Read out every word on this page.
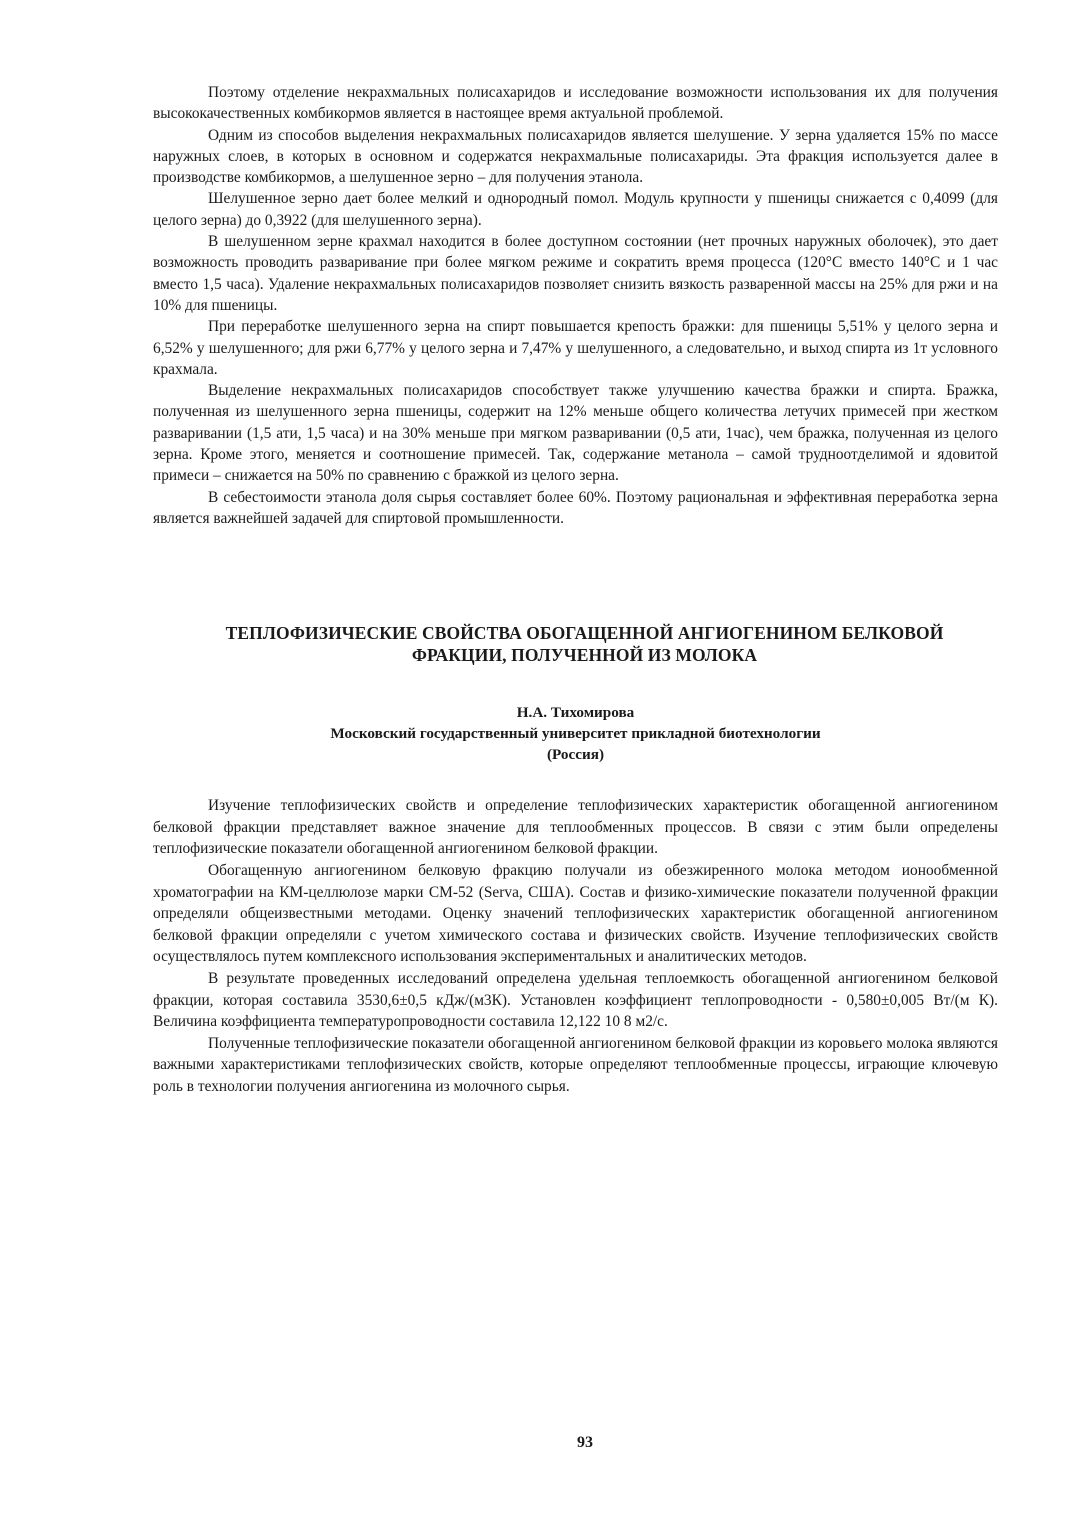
Поэтому отделение некрахмальных полисахаридов и исследование возможности использования их для получения высококачественных комбикормов является в настоящее время актуальной проблемой.

Одним из способов выделения некрахмальных полисахаридов является шелушение. У зерна удаляется 15% по массе наружных слоев, в которых в основном и содержатся некрахмальные полисахариды. Эта фракция используется далее в производстве комбикормов, а шелушенное зерно – для получения этанола.

Шелушенное зерно дает более мелкий и однородный помол. Модуль крупности у пшеницы снижается с 0,4099 (для целого зерна) до 0,3922 (для шелушенного зерна).

В шелушенном зерне крахмал находится в более доступном состоянии (нет прочных наружных оболочек), это дает возможность проводить разваривание при более мягком режиме и сократить время процесса (120°С вместо 140°С и 1 час вместо 1,5 часа). Удаление некрахмальных полисахаридов позволяет снизить вязкость разваренной массы на 25% для ржи и на 10% для пшеницы.

При переработке шелушенного зерна на спирт повышается крепость бражки: для пшеницы 5,51% у целого зерна и 6,52% у шелушенного; для ржи 6,77% у целого зерна и 7,47% у шелушенного, а следовательно, и выход спирта из 1т условного крахмала.

Выделение некрахмальных полисахаридов способствует также улучшению качества бражки и спирта. Бражка, полученная из шелушенного зерна пшеницы, содержит на 12% меньше общего количества летучих примесей при жестком разваривании (1,5 ати, 1,5 часа) и на 30% меньше при мягком разваривании (0,5 ати, 1час), чем бражка, полученная из целого зерна. Кроме этого, меняется и соотношение примесей. Так, содержание метанола – самой трудноотделимой и ядовитой примеси – снижается на 50% по сравнению с бражкой из целого зерна.

В себестоимости этанола доля сырья составляет более 60%. Поэтому рациональная и эффективная переработка зерна является важнейшей задачей для спиртовой промышленности.

ТЕПЛОФИЗИЧЕСКИЕ СВОЙСТВА ОБОГАЩЕННОЙ АНГИОГЕНИНОМ БЕЛКОВОЙ
ФРАКЦИИ, ПОЛУЧЕННОЙ ИЗ МОЛОКА
Н.А. Тихомирова
Московский государственный университет прикладной биотехнологии
(Россия)

Изучение теплофизических свойств и определение теплофизических характеристик обогащенной ангиогенином белковой фракции представляет важное значение для теплообменных процессов. В связи с этим были определены теплофизические показатели обогащенной ангиогенином белковой фракции.

Обогащенную ангиогенином белковую фракцию получали из обезжиренного молока методом ионообменной хроматографии на КМ-целлюлозе марки СМ-52 (Serva, США). Состав и физико-химические показатели полученной фракции определяли общеизвестными методами. Оценку значений теплофизических характеристик обогащенной ангиогенином белковой фракции определяли с учетом химического состава и физических свойств. Изучение теплофизических свойств осуществлялось путем комплексного использования экспериментальных и аналитических методов.

В результате проведенных исследований определена удельная теплоемкость обогащенной ангиогенином белковой фракции, которая составила 3530,6±0,5 кДж/(м3К). Установлен коэффициент теплопроводности - 0,580±0,005 Вт/(м К). Величина коэффициента температуропроводности составила 12,122 10 8 м2/с.

Полученные теплофизические показатели обогащенной ангиогенином белковой фракции из коровьего молока являются важными характеристиками теплофизических свойств, которые определяют теплообменные процессы, играющие ключевую роль в технологии получения ангиогенина из молочного сырья.

93
